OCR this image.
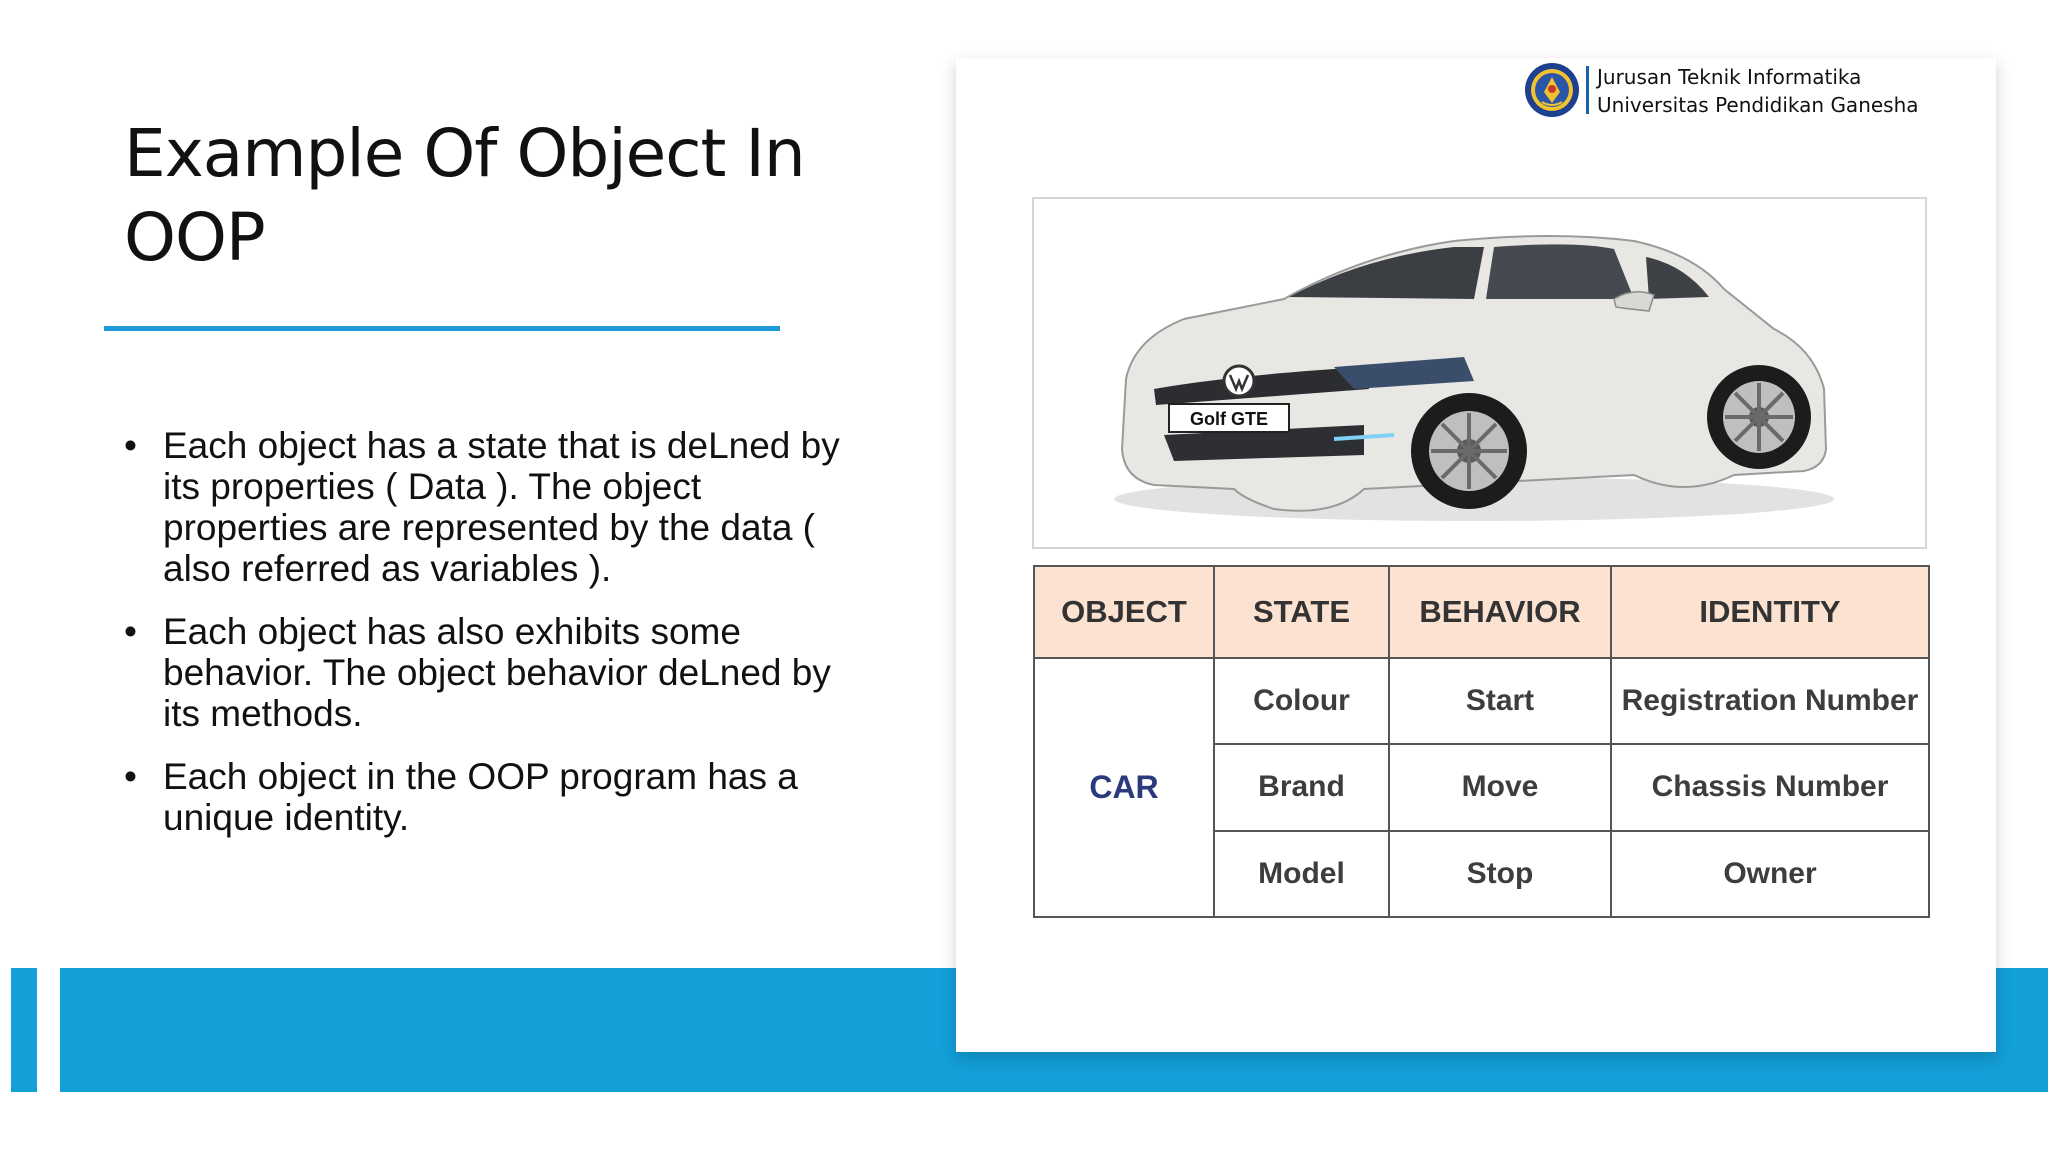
Example Of Object In OOP
• Each object has a state that is deLned by its properties ( Data ). The object properties are represented by the data ( also referred as variables ).
• Each object has also exhibits some behavior. The object behavior deLned by its methods.
• Each object in the OOP program has a unique identity.
Jurusan Teknik Informatika
Universitas Pendidikan Ganesha
Golf GTE
OBJECT	STATE	BEHAVIOR	IDENTITY
CAR	Colour	Start	Registration Number
	Brand	Move	Chassis Number
	Model	Stop	Owner
